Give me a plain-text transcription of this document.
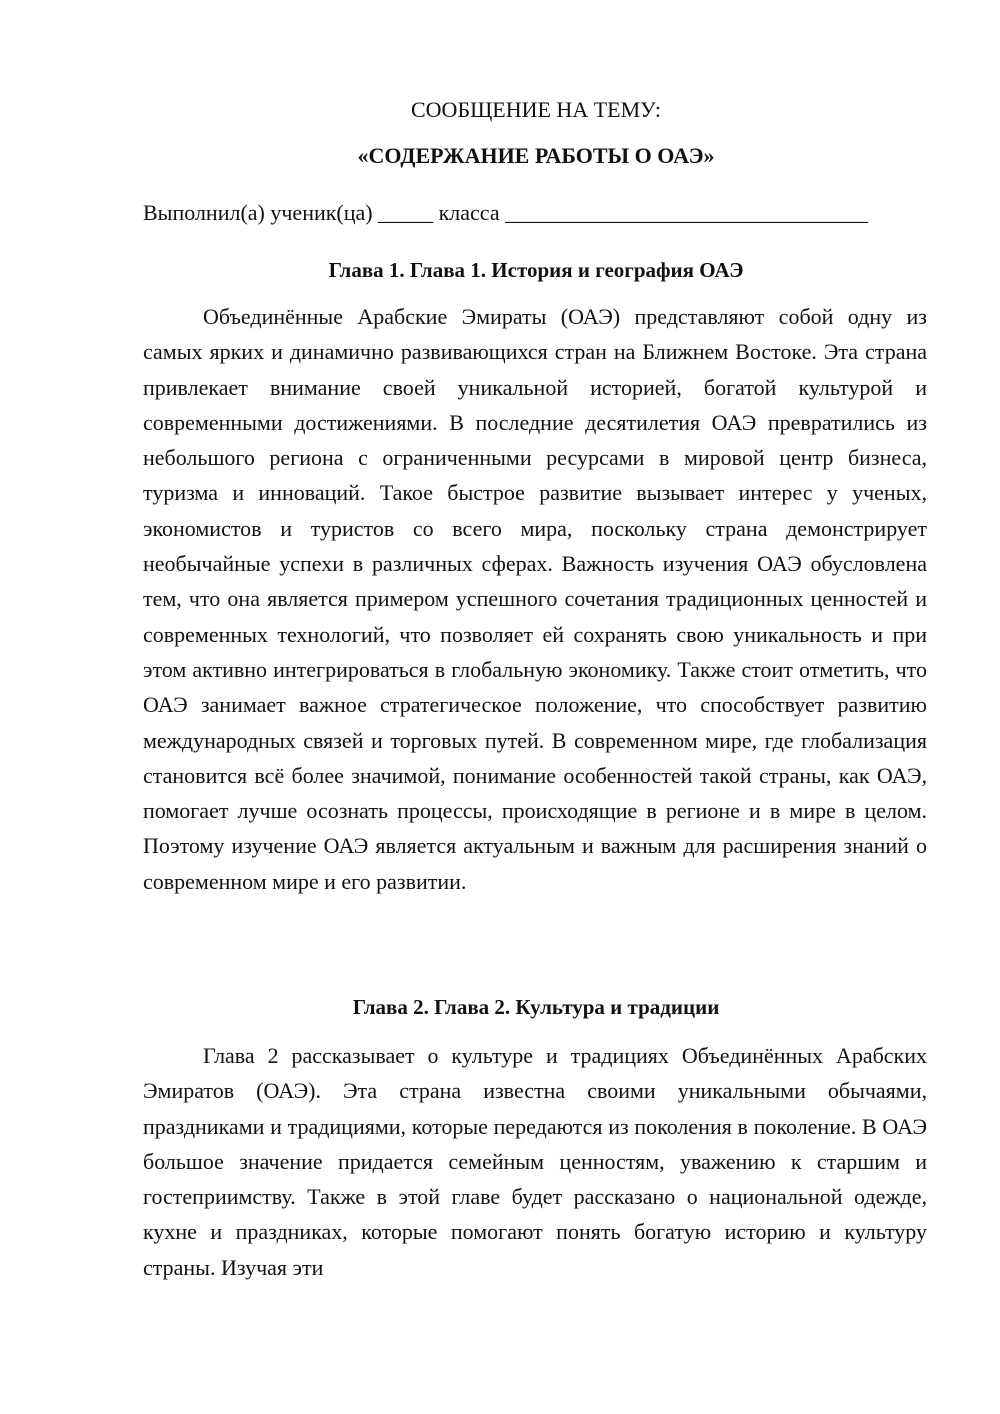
СООБЩЕНИЕ НА ТЕМУ:
«СОДЕРЖАНИЕ РАБОТЫ О ОАЭ»
Выполнил(а) ученик(ца) _____ класса _________________________________
Глава 1. Глава 1. История и география ОАЭ

Объединённые Арабские Эмираты (ОАЭ) представляют собой одну из самых ярких и динамично развивающихся стран на Ближнем Востоке. Эта страна привлекает внимание своей уникальной историей, богатой культурой и современными достижениями. В последние десятилетия ОАЭ превратились из небольшого региона с ограниченными ресурсами в мировой центр бизнеса, туризма и инноваций. Такое быстрое развитие вызывает интерес у ученых, экономистов и туристов со всего мира, поскольку страна демонстрирует необычайные успехи в различных сферах. Важность изучения ОАЭ обусловлена тем, что она является примером успешного сочетания традиционных ценностей и современных технологий, что позволяет ей сохранять свою уникальность и при этом активно интегрироваться в глобальную экономику. Также стоит отметить, что ОАЭ занимает важное стратегическое положение, что способствует развитию международных связей и торговых путей. В современном мире, где глобализация становится всё более значимой, понимание особенностей такой страны, как ОАЭ, помогает лучше осознать процессы, происходящие в регионе и в мире в целом. Поэтому изучение ОАЭ является актуальным и важным для расширения знаний о современном мире и его развитии.

Глава 2. Глава 2. Культура и традиции

Глава 2 рассказывает о культуре и традициях Объединённых Арабских Эмиратов (ОАЭ). Эта страна известна своими уникальными обычаями, праздниками и традициями, которые передаются из поколения в поколение. В ОАЭ большое значение придается семейным ценностям, уважению к старшим и гостеприимству. Также в этой главе будет рассказано о национальной одежде, кухне и праздниках, которые помогают понять богатую историю и культуру страны. Изучая эти
